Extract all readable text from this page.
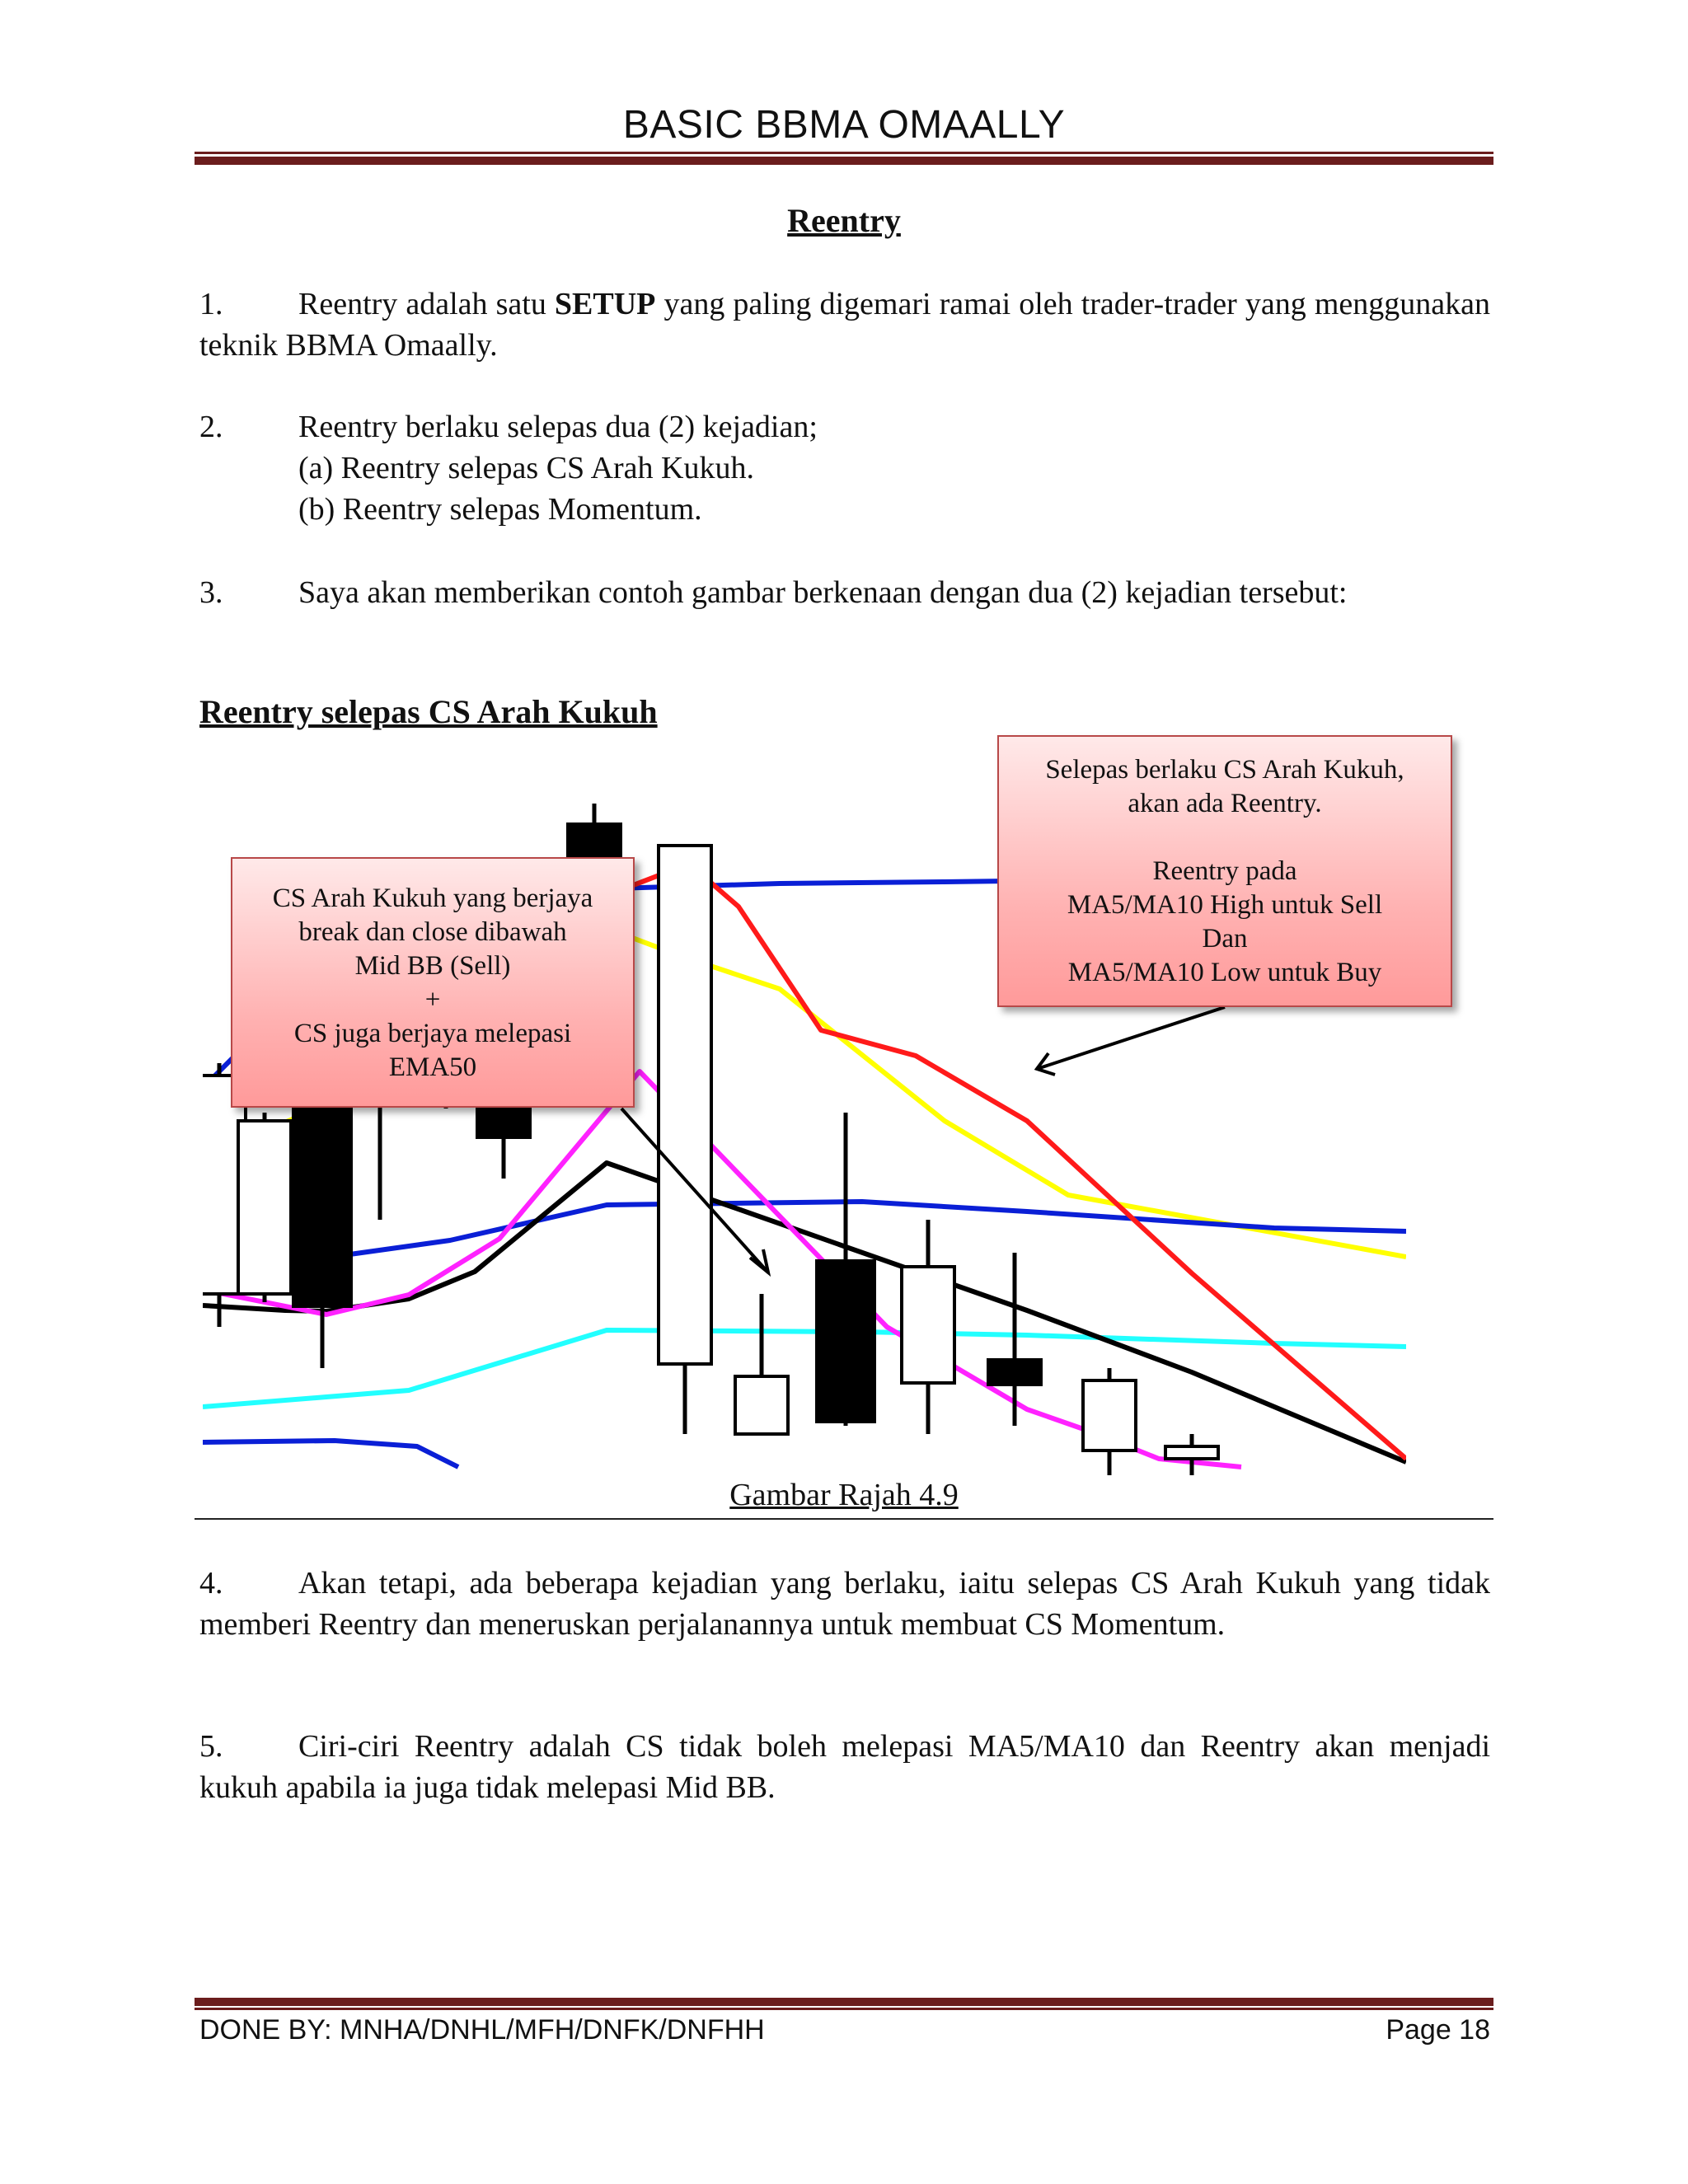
BASIC BBMA OMAALLY
Reentry
1. Reentry adalah satu SETUP yang paling digemari ramai oleh trader-trader yang menggunakan teknik BBMA Omaally.
2. Reentry berlaku selepas dua (2) kejadian;
(a) Reentry selepas CS Arah Kukuh.
(b) Reentry selepas Momentum.
3. Saya akan memberikan contoh gambar berkenaan dengan dua (2) kejadian tersebut:
Reentry selepas CS Arah Kukuh
CS Arah Kukuh yang berjaya
break dan close dibawah
Mid BB (Sell)
+
CS juga berjaya melepasi
EMA50
Selepas berlaku CS Arah Kukuh,
akan ada Reentry.
Reentry pada
MA5/MA10 High untuk Sell
Dan
MA5/MA10 Low untuk Buy
Gambar Rajah 4.9
4. Akan tetapi, ada beberapa kejadian yang berlaku, iaitu selepas CS Arah Kukuh yang tidak memberi Reentry dan meneruskan perjalanannya untuk membuat CS Momentum.
5. Ciri-ciri Reentry adalah CS tidak boleh melepasi MA5/MA10 dan Reentry akan menjadi kukuh apabila ia juga tidak melepasi Mid BB.
DONE BY: MNHA/DNHL/MFH/DNFK/DNFHH	Page 18
